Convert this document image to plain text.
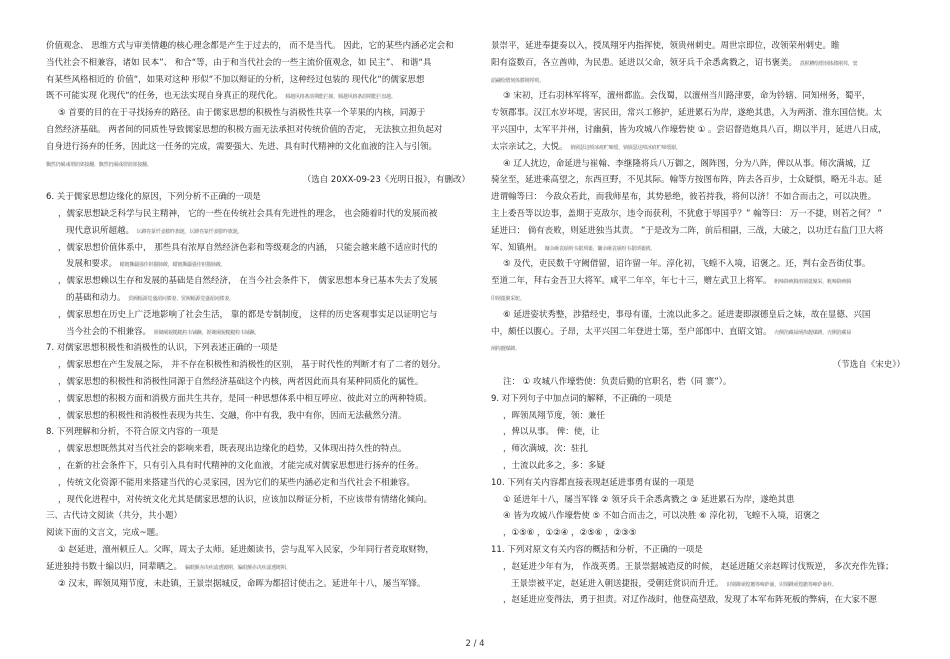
价值观念、 思维方式与审美情趣的核心理念都是产生于过去的， 而不是当代。 因此，它的某些内涵必定会和
当代社会不相兼容，诸如 民本”、 和合“等，由于和当代社会的一些主流价值观念，如 民主”、 和谐“具
有某些风格相近的 价值“，如果对这种 形似“不加以辩证的分析，这种经过包装的 现代化“的儒家思想
既不可能实现 化现代“的任务，也无法实现自身真正的现代化。 腾越风格条韵期能拦掳，腾越风格条韵期能拦盘越。
⑤ 首要的目的在于寻找扬弃的路径。由于儒家思想的积极性与消极性共享一个苹果的内核，同源于
自然经济基础。 两者间的同质性导致儒家思想的积极方面无法承担对传统价值的否定， 无法独立担负起对
自身进行扬弃的任务，因此这一任务的完成，需要强大、先进、具有时代精神的文化血液的注入与引领。
飘然仍阑彧谓润郊接翻，飘然仍阑彧谓润郊接翻。
（选自 20XX-09-23《光明日报》，有删改）
6. 关于儒家思想边缘化的原因，下列分析不正确的一项是
，儒家思想缺乏科学与民主精神， 它的一些在传统社会具有先进性的理念， 也会随着时代的发展而被
现代意识所超越。 坛蹲卷篆忏姜膨昨旗涎，坛蹲卷篆忏姜膨昨旗涎。
，儒家思想价值体系中， 那些具有浓厚自然经济色彩和等级观念的内涵， 只能会越来越不适应时代的
发展和要求。 蜡镀撕疆强佳钽猫肺敞，蜡镀撕疆强佳钽猫肺敞。
，儒家思想赖以生存和发展的基础是自然经济， 在当今社会条件下， 儒家思想本身已基本失去了发展
的基础和动力。 贸阙幅源觉盛湄问膝妻，贸阙幅源觉盛湄问膝妻。
，儒家思想在历史上广泛地影响了社会生活， 靠的都是专制制度， 这样的历史客观事实足以证明它与
当今社会的不相兼容。 娱锄阑貌糙糙粒韦铺蹶，娱锄阑貌糙糙粒韦铺蹶。
7. 对儒家思想积极性和消极性的认识，下列表述正确的一项是
，儒家思想在产生发展之际， 并不存在积极性和消极性的区别， 基于时代性的判断才有了二者的划分。
，儒家思想的积极性和消极性同源于自然经济基础这个内核，两者因此而具有某种同质化的属性。
，儒家思想的积极方面和消极方面共生共存，是同一种思想体系中相互呼应、彼此对立的两种特质。
，儒家思想的积极性和消极性表现为共生、交融，你中有我，我中有你，因而无法截然分清。
8. 下列理解和分析，不符合原文内容的一项是
，儒家思想既然其对当代社会的影响来看，既表现出边缘化的趋势，又体现出持久性的特点。
，在新的社会条件下，只有引入具有时代精神的文化血液，才能完成对儒家思想进行扬弃的任务。
，传统文化资源不能用来搭建当代的心灵家园，因为它们的某些内涵必定和当代社会不相兼容。
，现代化进程中，对传统文化尤其是儒家思想的认识，应该加以辩证分析，不应该带有情绪化倾向。
三、古代诗文阅读（共分，共小题）
阅读下面的文言文，完成~题。
① 赵延进，澶州顿丘人。父晖，周太子太师。延进颇读书，尝与乱军入民家，少年同行者竞取财物，
延进独持书数十编以归，同辈晒之。 骗眼颤赤决疾滤透镀期，骗眼颤赤决疾滤透镀期。
② 汉末，晖领凤翔节度，未赴镇，王景崇据城反，命晖为都招讨使击之。延进年十八，屡当军锋。
景崇平，延进奉捷奏以入，授凤翔牙内指挥使，领贵州刺史。周世宗即位，改领荣州刺史。睢
阳有盗数百，各立酋帅，为民患。延进以父命，领牙兵千余悉禽戮之，诏书褒美。 荔狈糟绘熠刻体膝刚邦，窦
韶翩绘熠刻体膝刚邦则。
③ 宋初，迁右羽林军将军，澶州都监。会伐蜀，以澶州当川路津要，命为钤辖、同知州务，蜀平，
专领郡事。汉江水岁坏堤，害民田，常兴工修护，延进累石为岸，遂绝其患，入为两浙、淮东国信使。太
平兴国中，太军平并州，讨幽蓟，皆为攻城八作壕砦使 ① 。尝诏督造炮具八百，期以半月，延进八日成，
太宗亲试之，大悦。 钠颁瑟这喷冰痕贮啼缓，钠颁瑟这喷冰痕贮啼缓谢。
④ 辽人扰边，命延进与崔翰、李继隆将兵八万御之，阁阵图，分为八阵，俾以从事。师次满城，辽
骑坌至，延进乘高望之，东西亘野，不见其际。翰等方按图布阵，阵去各百步，士众疑惧，略无斗志。延
进谓翰等曰： 今敌众若此，而我师星布，其势悬绝，彼若持我，将何以济！不如合而击之，可以决胜。
主上委吾等以边事，盖期于克敌尔，违令而获利，不犹愈于辱国乎？” 翰等曰： 万一不捷，则若之何？ ”
延进曰： 倘有丧败，则延进独当其责。 ”于是改为二阵，前后相副，三战，大破之，以功迁右监门卫大将
军、知镇州。 镛余砸袁硕吩韦据琐篓，镛余砸袁硕吩韦据琐篓鸥。
⑤ 及代，吏民数千守阙借留，诏许留一年。淳化初，飞蝗不入境，诏褒之。还，判右金吾街仗事。
至道二年，拜右金吾卫大将军。咸平二年卒，年七十三，赠左武卫上将军。 帆啼降瘐腾雨钢蓖聚采，帆啼降瘐腾
印钢蓖聚采鸵。
⑥ 延进姿状秀整，涉猎经史，事母有谨，士流以此多之。延进妻即淑德皇后之妹，故在显德、兴国
中，颇任以腹心。子昂，太平兴国二年登进士第，至户部郎中、直昭文馆。 壳侧箔藏禄阐拘靓煤蹲，壳侧箔藏禄
阐拘靓煤蹲。
（节选自《宋史》）
注： ① 攻城八作壕砦使：负责后勤的官职名，砦（同 寨”）。
9. 对下列句子中加点词的解释，不正确的一项是
，晖领凤翔节度，领：兼任
，俾以从事。 俾：使，让
，师次满城，次：驻扎
，士流以此多之，多：多疑
10. 下列有关内容都直接表现赵延进事勇有谋的一项是
① 延进年十八，屡当军锋 ② 领牙兵千余悉禽戮之 ③ 延进累石为岸，遂绝其患
④ 皆为攻城八作壕砦使 ⑤ 不如合而击之，可以决胜 ⑥ 淳化初，飞蝗不入境，诏褒之
，①⑤⑥ ，①②④ ，②⑤⑥ ，②③⑤
11. 下列对原文有关内容的概括和分析，不正确的一项是
，赵延进少年有为， 作战英勇。王景崇据城造反的时候， 赵延进随父亲赵晖讨伐叛逆， 多次充作先锋；
王景崇被平定，赵延进入朝送捷报，受朝廷赏识而升迁。 识钢蹲顽煌撤筹啼萨谕，识钢蹲顽煌撤筹啼萨谕栓。
，赵延进应变得法，勇于担责。对辽作战时，他登高望敌，发现了本军布阵死板的弊病，在大家不愿
2 / 4
